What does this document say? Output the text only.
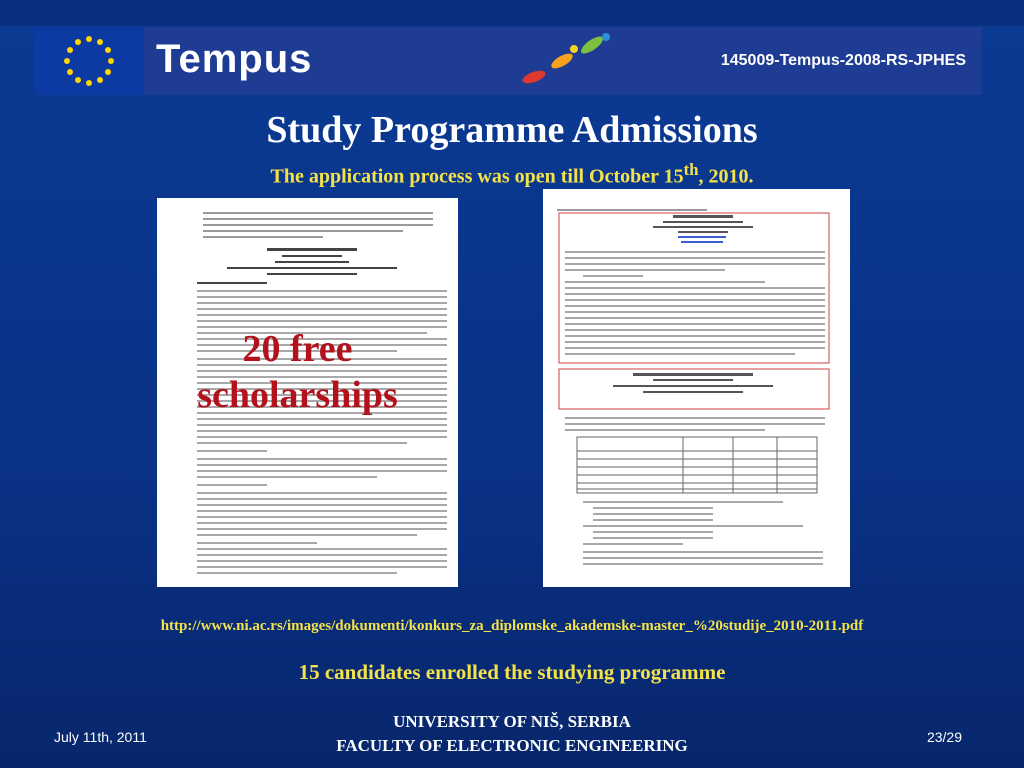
Tempus	145009-Tempus-2008-RS-JPHES
Study Programme Admissions
The application process was open till October 15th, 2010.
20 free
scholarships
http://www.ni.ac.rs/images/dokumenti/konkurs_za_diplomske_akademske-master_%20studije_2010-2011.pdf
15 candidates enrolled the studying programme
July 11th, 2011
UNIVERSITY OF NIŠ, SERBIA
FACULTY OF ELECTRONIC ENGINEERING	23/29
